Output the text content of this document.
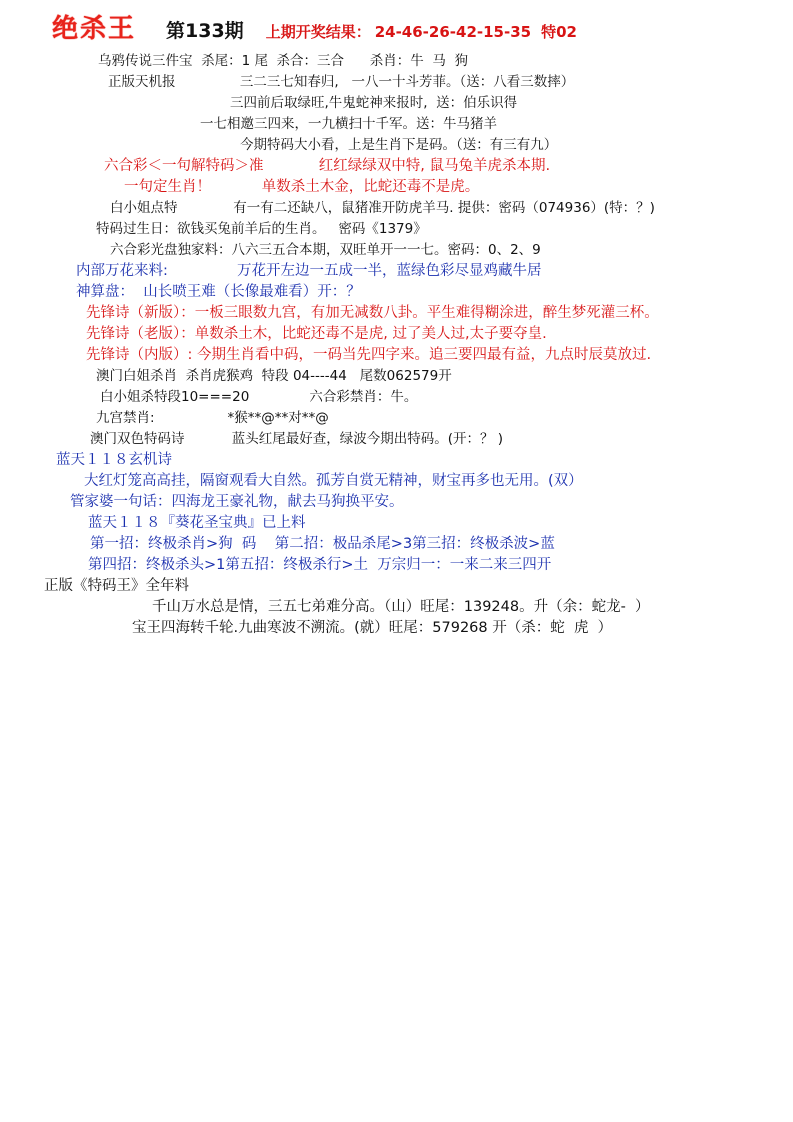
绝杀王 第133期 上期开奖结果： 24-46-26-42-15-35 特02
乌鸦传说三件宝  杀尾：1 尾  杀合：三合      杀肖：牛  马  狗
正版天机报               三二三七知春归,   一八一十斗芳菲。（送：八看三数摔）
三四前后取绿旺,牛鬼蛇神来报时,  送：伯乐识得
一七相邀三四来，一九横扫十千军。送：牛马猪羊
今期特码大小看，上是生肖下是码。（送：有三有九）
六合彩＜一句解特码＞准            红红绿绿双中特, 鼠马兔羊虎杀本期.
一句定生肖！           单数杀土木金，比蛇还毒不是虎。
白小姐点特             有一有二还缺八，鼠猪准开防虎羊马. 提供：密码（074936）(特：？)
特码过生日：欲钱买兔前羊后的生肖。   密码《1379》
六合彩光盘独家料：八六三五合本期，双旺单开一一七。密码：0、2、9
内部万花来料:               万花开左边一五成一半，蓝绿色彩尽显鸡藏牛居
神算盘：  山长喷王难（长像最难看）开：？
先锋诗（新版）：一板三眼数九宫，有加无减数八卦。平生难得糊涂进，醉生梦死灌三杯。
先锋诗（老版）：单数杀土木，比蛇还毒不是虎, 过了美人过,太子要夺皇.
先锋诗（内版）: 今期生肖看中码，一码当先四字来。追三要四最有益，九点时辰莫放过.
澳门白姐杀肖  杀肖虎猴鸡  特段 04----44   尾数062579开
白小姐杀特段10===20              六合彩禁肖：牛。
九宫禁肖:                 *猴**@**对**@
澳门双色特码诗           蓝头红尾最好查，绿波今期出特码。(开：？ )
蓝天１１８玄机诗
大红灯笼高高挂，隔窗观看大自然。孤芳自赏无精神，财宝再多也无用。(双）
管家婆一句话：四海龙王豪礼物，献去马狗换平安。
蓝天１１８『葵花圣宝典』已上料
第一招：终极杀肖>狗  码    第二招：极品杀尾>3第三招：终极杀波>蓝
第四招：终极杀头>1第五招：终极杀行>土  万宗归一：一来二来三四开
正版《特码王》全年料
千山万水总是情，三五七弟难分高。（山）旺尾：139248。升（余：蛇龙-  ）
宝王四海转千轮.九曲寒波不溯流。(就）旺尾：579268 开（杀：蛇  虎  ）
